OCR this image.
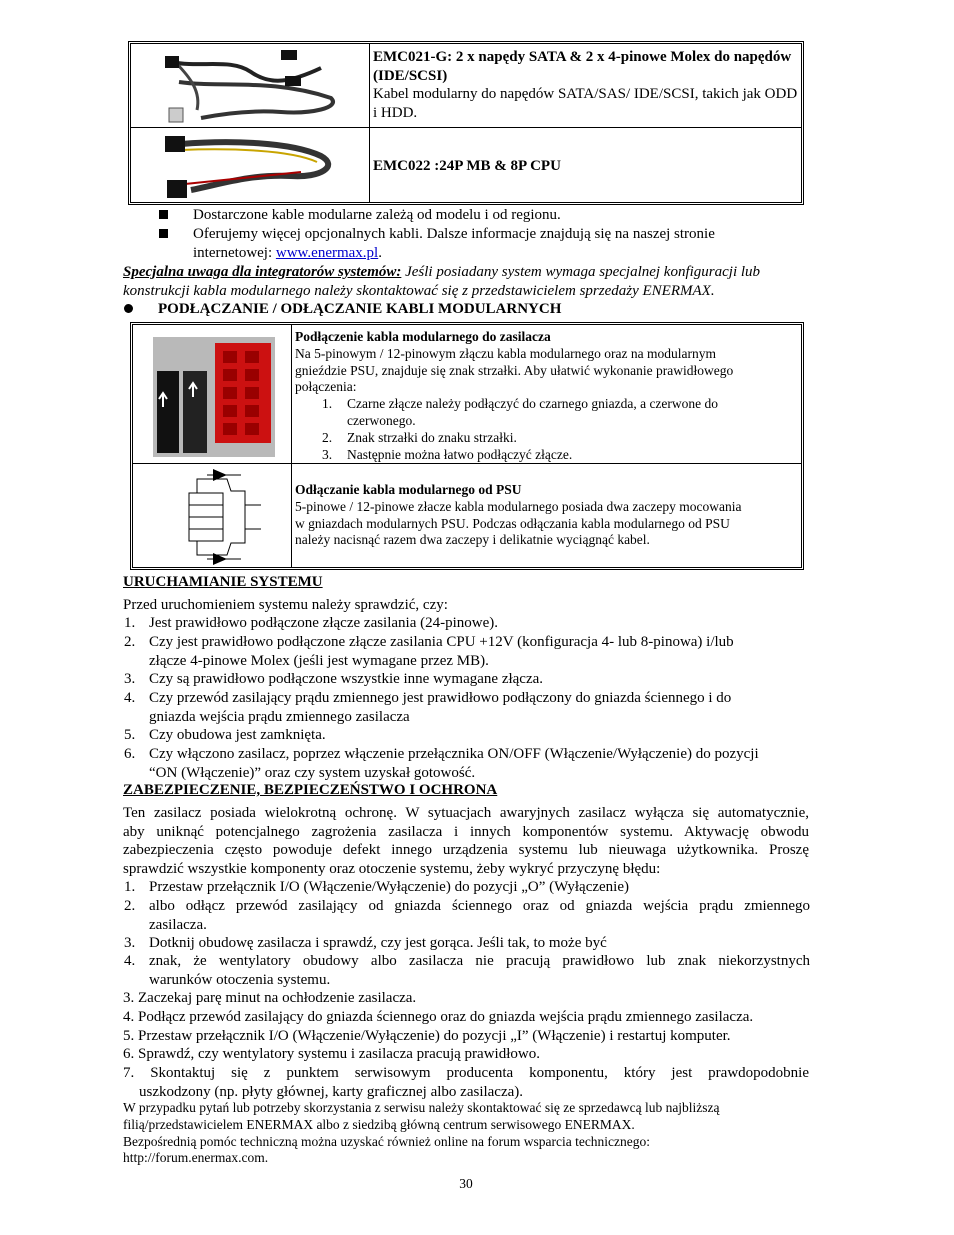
EMC021-G: 2 x napędy SATA & 2 x 4-pinowe Molex do napędów (IDE/SCSI)
Kabel modularny do napędów SATA/SAS/ IDE/SCSI, takich jak ODD i HDD.
EMC022 :24P MB & 8P CPU
Dostarczone kable modularne zależą od modelu i od regionu.
Oferujemy więcej opcjonalnych kabli. Dalsze informacje znajdują się na naszej stronie
internetowej: www.enermax.pl.
Specjalna uwaga dla integratorów systemów: Jeśli posiadany system wymaga specjalnej konfiguracji lub
konstrukcji kabla modularnego należy skontaktować się z przedstawicielem sprzedaży ENERMAX.
PODŁĄCZANIE / ODŁĄCZANIE KABLI MODULARNYCH
Podłączenie kabla modularnego do zasilacza
Na 5-pinowym / 12-pinowym złączu kabla modularnego oraz na modularnym
gnieździe PSU, znajduje się znak strzałki. Aby ułatwić wykonanie prawidłowego
połączenia:
1. Czarne złącze należy podłączyć do czarnego gniazda, a czerwone do
czerwonego.
2. Znak strzałki do znaku strzałki.
3. Następnie można łatwo podłączyć złącze.
Odłączanie kabla modularnego od PSU
5-pinowe / 12-pinowe złacze kabla modularnego posiada dwa zaczepy mocowania
w gniazdach modularnych PSU. Podczas odłączania kabla modularnego od PSU
należy nacisnąć razem dwa zaczepy i delikatnie wyciągnąć kabel.
URUCHAMIANIE SYSTEMU
Przed uruchomieniem systemu należy sprawdzić, czy:
1. Jest prawidłowo podłączone złącze zasilania (24-pinowe).
2. Czy jest prawidłowo podłączone złącze zasilania CPU +12V (konfiguracja 4- lub 8-pinowa) i/lub
złącze 4-pinowe Molex (jeśli jest wymagane przez MB).
3. Czy są prawidłowo podłączone wszystkie inne wymagane złącza.
4. Czy przewód zasilający prądu zmiennego jest prawidłowo podłączony do gniazda ściennego i do
gniazda wejścia prądu zmiennego zasilacza
5. Czy obudowa jest zamknięta.
6. Czy włączono zasilacz, poprzez włączenie przełącznika ON/OFF (Włączenie/Wyłączenie) do pozycji
“ON (Włączenie)” oraz czy system uzyskał gotowość.
ZABEZPIECZENIE, BEZPIECZEŃSTWO I OCHRONA
Ten zasilacz posiada wielokrotną ochronę. W sytuacjach awaryjnych zasilacz wyłącza się automatycznie,
aby uniknąć potencjalnego zagrożenia zasilacza i innych komponentów systemu. Aktywację obwodu
zabezpieczenia często powoduje defekt innego urządzenia systemu lub nieuwaga użytkownika. Proszę
sprawdzić wszystkie komponenty oraz otoczenie systemu, żeby wykryć przyczynę błędu:
1. Przestaw przełącznik I/O (Włączenie/Wyłączenie) do pozycji „O” (Wyłączenie)
2. albo odłącz przewód zasilający od gniazda ściennego oraz od gniazda wejścia prądu zmiennego
zasilacza.
3. Dotknij obudowę zasilacza i sprawdź, czy jest gorąca. Jeśli tak, to może być
4. znak, że wentylatory obudowy albo zasilacza nie pracują prawidłowo lub znak niekorzystnych
warunków otoczenia systemu.
3. Zaczekaj parę minut na ochłodzenie zasilacza.
4. Podłącz przewód zasilający do gniazda ściennego oraz do gniazda wejścia prądu zmiennego zasilacza.
5. Przestaw przełącznik I/O (Włączenie/Wyłączenie) do pozycji „I” (Włączenie) i restartuj komputer.
6. Sprawdź, czy wentylatory systemu i zasilacza pracują prawidłowo.
7. Skontaktuj się z punktem serwisowym producenta komponentu, który jest prawdopodobnie
uszkodzony (np. płyty głównej, karty graficznej albo zasilacza).
W przypadku pytań lub potrzeby skorzystania z serwisu należy skontaktować się ze sprzedawcą lub najbliższą
filią/przedstawicielem ENERMAX albo z siedzibą główną centrum serwisowego ENERMAX.
Bezpośrednią pomóc techniczną można uzyskać również online na forum wsparcia technicznego:
http://forum.enermax.com.
30
